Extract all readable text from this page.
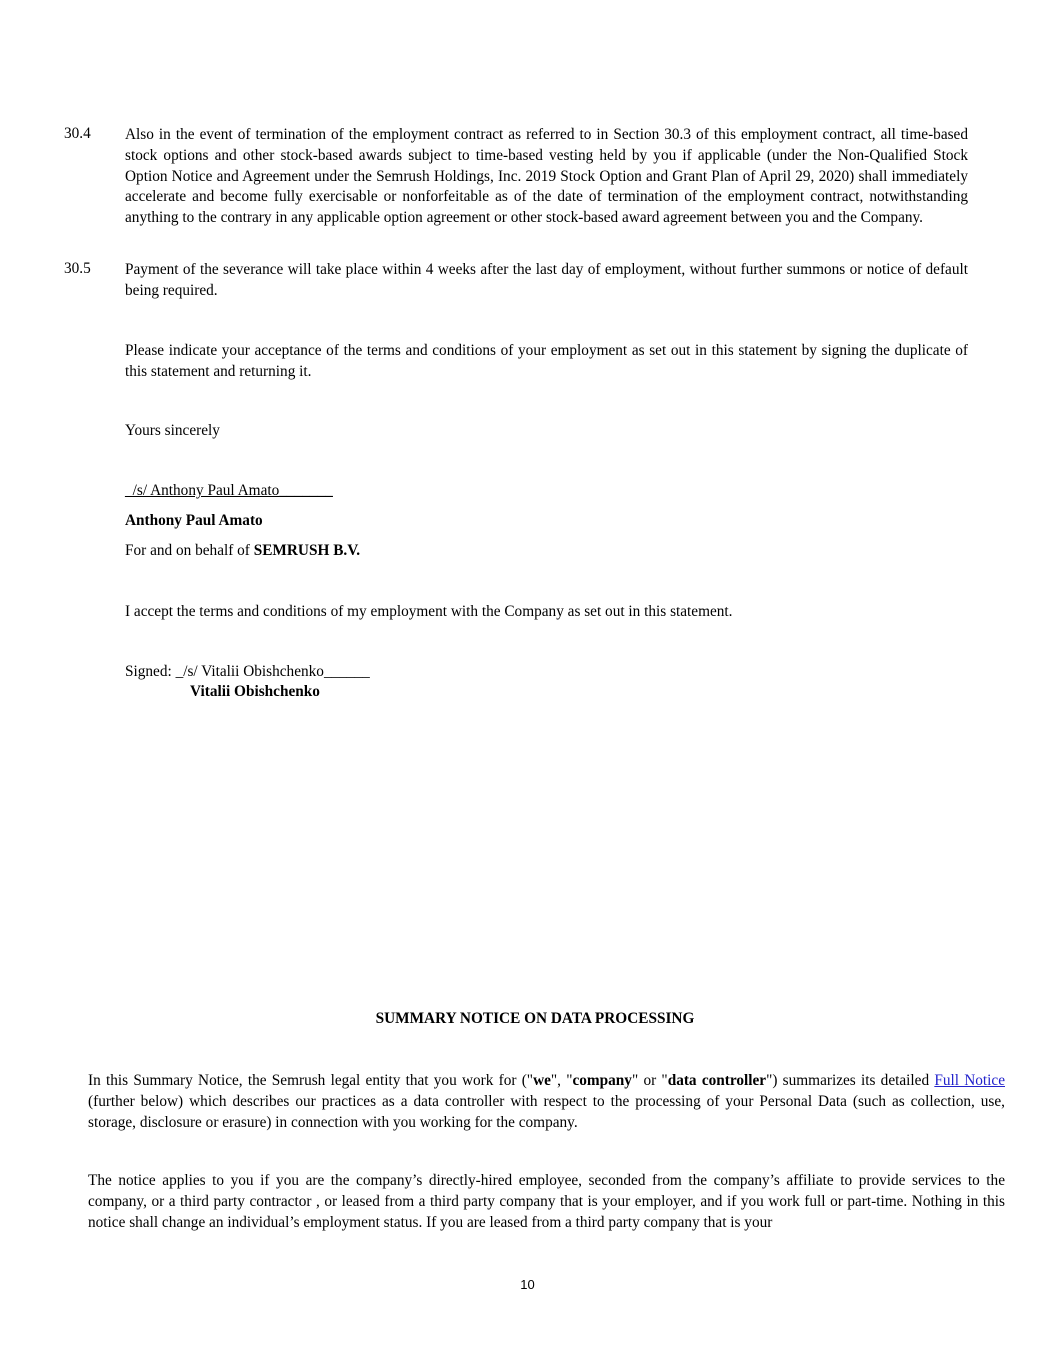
30.4 Also in the event of termination of the employment contract as referred to in Section 30.3 of this employment contract, all time-based stock options and other stock-based awards subject to time-based vesting held by you if applicable (under the Non-Qualified Stock Option Notice and Agreement under the Semrush Holdings, Inc. 2019 Stock Option and Grant Plan of April 29, 2020) shall immediately accelerate and become fully exercisable or nonforfeitable as of the date of termination of the employment contract, notwithstanding anything to the contrary in any applicable option agreement or other stock-based award agreement between you and the Company.
30.5 Payment of the severance will take place within 4 weeks after the last day of employment, without further summons or notice of default being required.
Please indicate your acceptance of the terms and conditions of your employment as set out in this statement by signing the duplicate of this statement and returning it.
Yours sincerely
_/s/ Anthony Paul Amato_______
Anthony Paul Amato
For and on behalf of SEMRUSH B.V.
I accept the terms and conditions of my employment with the Company as set out in this statement.
Signed: _/s/ Vitalii Obishchenko______
Vitalii Obishchenko
SUMMARY NOTICE ON DATA PROCESSING
In this Summary Notice, the Semrush legal entity that you work for ("we", "company" or "data controller") summarizes its detailed Full Notice (further below) which describes our practices as a data controller with respect to the processing of your Personal Data (such as collection, use, storage, disclosure or erasure) in connection with you working for the company.
The notice applies to you if you are the company’s directly-hired employee, seconded from the company’s affiliate to provide services to the company, or a third party contractor , or leased from a third party company that is your employer, and if you work full or part-time. Nothing in this notice shall change an individual’s employment status. If you are leased from a third party company that is your
10
